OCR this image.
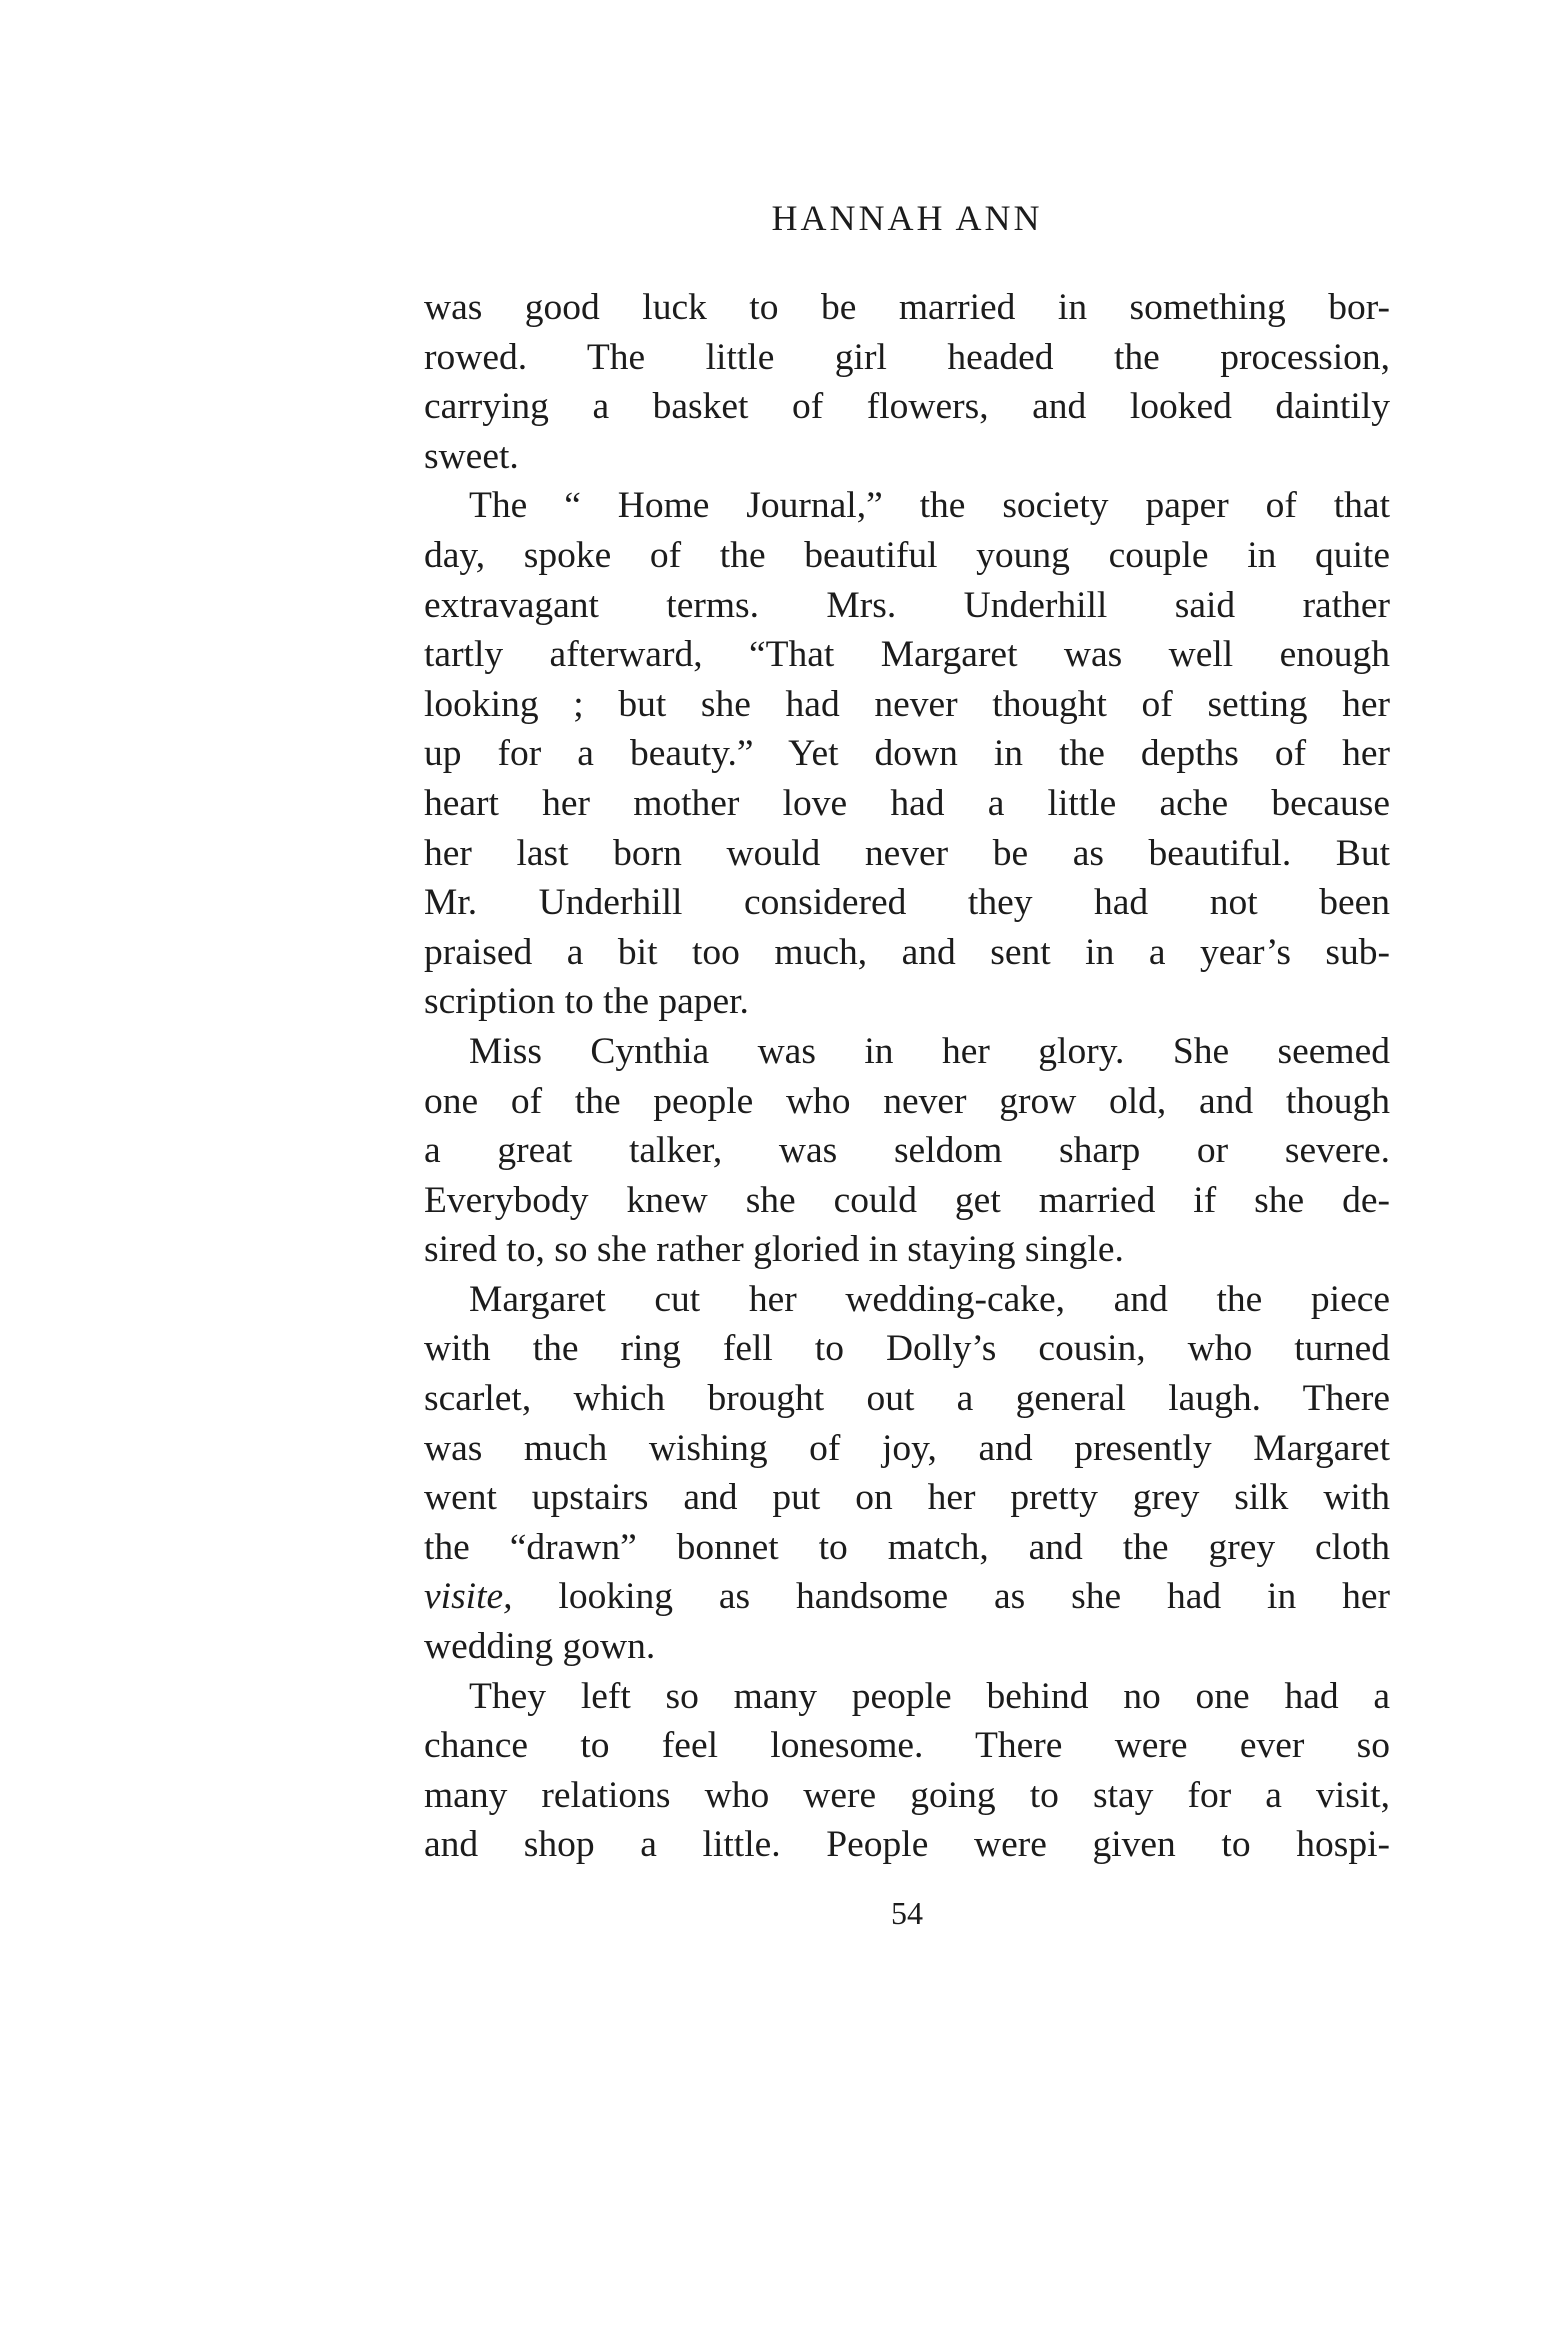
HANNAH ANN

was good luck to be married in something bor-
rowed. The little girl headed the procession,
carrying a basket of flowers, and looked daintily
sweet.

The “ Home Journal,” the society paper of that
day, spoke of the beautiful young couple in quite
extravagant terms. Mrs. Underhill said rather
tartly afterward, “That Margaret was well enough
looking ; but she had never thought of setting her
up for a beauty.” Yet down in the depths of her
heart her mother love had a little ache because
her last born would never be as beautiful. But
Mr. Underhill considered they had not been
praised a bit too much, and sent in a year’s sub-
scription to the paper.

Miss Cynthia was in her glory. She seemed
one of the people who never grow old, and though
a great talker, was seldom sharp or severe.
Everybody knew she could get married if she de-
sired to, so she rather gloried in staying single.

Margaret cut her wedding-cake, and the piece
with the ring fell to Dolly’s cousin, who turned
scarlet, which brought out a general laugh. There
was much wishing of joy, and presently Margaret
went upstairs and put on her pretty grey silk with
the “drawn” bonnet to match, and the grey cloth
visite, looking as handsome as she had in her
wedding gown.

They left so many people behind no one had a
chance to feel lonesome. There were ever so
many relations who were going to stay for a visit,
and shop a little. People were given to hospi-

54
